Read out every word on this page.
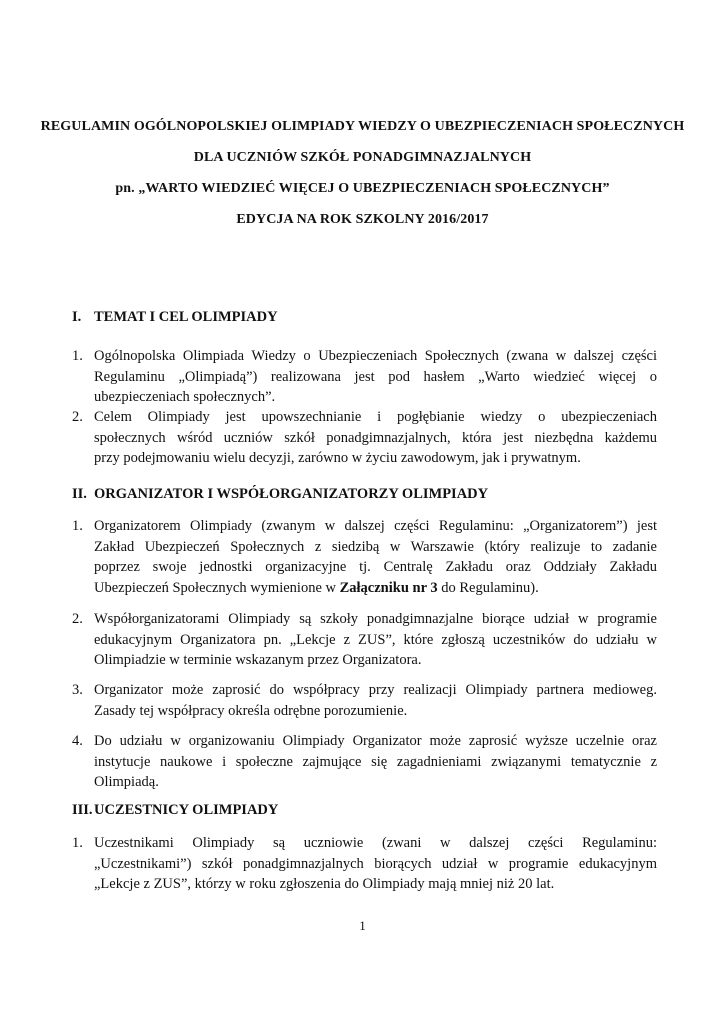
REGULAMIN OGÓLNOPOLSKIEJ OLIMPIADY WIEDZY O UBEZPIECZENIACH SPOŁECZNYCH
DLA UCZNIÓW SZKÓŁ PONADGIMNAZJALNYCH
pn. „WARTO WIEDZIEĆ WIĘCEJ O UBEZPIECZENIACH SPOŁECZNYCH”
EDYCJA NA ROK SZKOLNY 2016/2017
I. TEMAT I CEL OLIMPIADY
1. Ogólnopolska Olimpiada Wiedzy o Ubezpieczeniach Społecznych (zwana w dalszej części
Regulaminu „Olimpiadą”) realizowana jest pod hasłem „Warto wiedzieć więcej o
ubezpieczeniach społecznych”.
2. Celem Olimpiady jest upowszechnianie i pogłębianie wiedzy o ubezpieczeniach
społecznych wśród uczniów szkół ponadgimnazjalnych, która jest niezbędna każdemu
przy podejmowaniu wielu decyzji, zarówno w życiu zawodowym, jak i prywatnym.
II. ORGANIZATOR I WSPÓŁORGANIZATORZY OLIMPIADY
1. Organizatorem Olimpiady (zwanym w dalszej części Regulaminu: „Organizatorem”) jest
Zakład Ubezpieczeń Społecznych z siedzibą w Warszawie (który realizuje to zadanie
poprzez swoje jednostki organizacyjne tj. Centralę Zakładu oraz Oddziały Zakładu
Ubezpieczeń Społecznych wymienione w Załączniku nr 3 do Regulaminu).
2. Współorganizatorami Olimpiady są szkoły ponadgimnazjalne biorące udział w programie
edukacyjnym Organizatora pn. „Lekcje z ZUS”, które zgłoszą uczestników do udziału w
Olimpiadzie w terminie wskazanym przez Organizatora.
3. Organizator może zaprosić do współpracy przy realizacji Olimpiady partnera medioweg.
Zasady tej współpracy określa odrębne porozumienie.
4. Do udziału w organizowaniu Olimpiady Organizator może zaprosić wyższe uczelnie oraz
instytucje naukowe i społeczne zajmujące się zagadnieniami związanymi tematycznie z
Olimpiadą.
III.UCZESTNICY OLIMPIADY
1. Uczestnikami Olimpiady są uczniowie (zwani w dalszej części Regulaminu:
„Uczestnikami”) szkół ponadgimnazjalnych biorących udział w programie edukacyjnym
„Lekcje z ZUS”, którzy w roku zgłoszenia do Olimpiady mają mniej niż 20 lat.
1
